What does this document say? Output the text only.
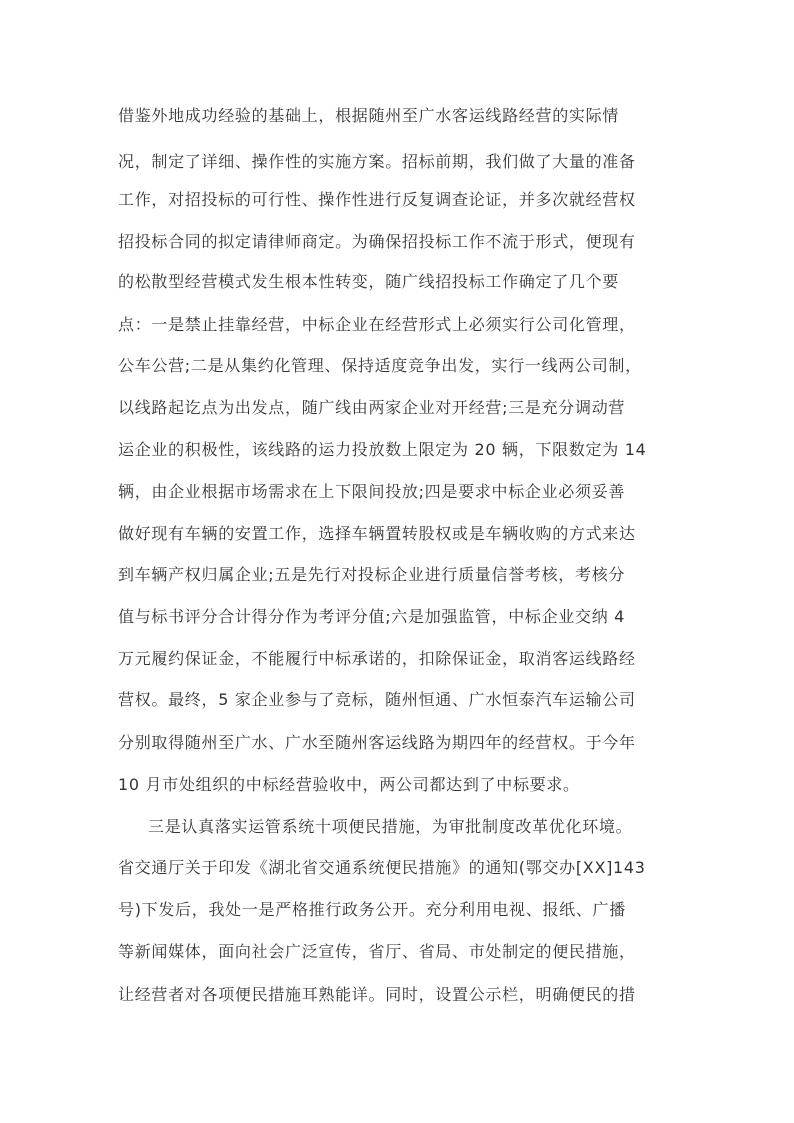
借鉴外地成功经验的基础上，根据随州至广水客运线路经营的实际情
况，制定了详细、操作性的实施方案。招标前期，我们做了大量的准备
工作，对招投标的可行性、操作性进行反复调查论证，并多次就经营权
招投标合同的拟定请律师商定。为确保招投标工作不流于形式，便现有
的松散型经营模式发生根本性转变，随广线招投标工作确定了几个要
点：一是禁止挂靠经营，中标企业在经营形式上必须实行公司化管理，
公车公营;二是从集约化管理、保持适度竞争出发，实行一线两公司制，
以线路起讫点为出发点，随广线由两家企业对开经营;三是充分调动营
运企业的积极性，该线路的运力投放数上限定为 20 辆，下限数定为 14
辆，由企业根据市场需求在上下限间投放;四是要求中标企业必须妥善
做好现有车辆的安置工作，选择车辆置转股权或是车辆收购的方式来达
到车辆产权归属企业;五是先行对投标企业进行质量信誉考核，考核分
值与标书评分合计得分作为考评分值;六是加强监管，中标企业交纳 4
万元履约保证金，不能履行中标承诺的，扣除保证金，取消客运线路经
营权。最终，5 家企业参与了竞标，随州恒通、广水恒泰汽车运输公司
分别取得随州至广水、广水至随州客运线路为期四年的经营权。于今年
10 月市处组织的中标经营验收中，两公司都达到了中标要求。
三是认真落实运管系统十项便民措施，为审批制度改革优化环境。
省交通厅关于印发《湖北省交通系统便民措施》的通知(鄂交办[XX]143
号)下发后，我处一是严格推行政务公开。充分利用电视、报纸、广播
等新闻媒体，面向社会广泛宣传，省厅、省局、市处制定的便民措施，
让经营者对各项便民措施耳熟能详。同时，设置公示栏，明确便民的措
